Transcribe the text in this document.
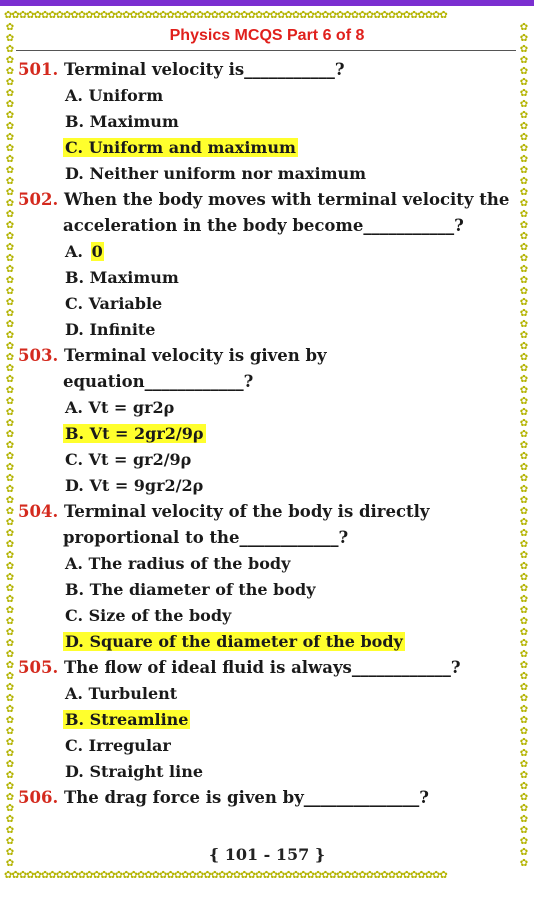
✿✿✿✿✿✿✿✿✿✿✿✿✿✿✿✿✿✿✿✿✿✿✿✿✿✿✿✿✿✿✿✿✿✿✿✿✿✿✿✿✿✿✿✿✿✿✿✿✿✿✿✿✿✿✿✿✿✿✿✿
✿✿✿✿✿✿✿✿✿✿✿✿✿✿✿✿✿✿✿✿✿✿✿✿✿✿✿✿✿✿✿✿✿✿✿✿✿✿✿✿✿✿✿✿✿✿✿✿✿✿✿✿✿✿✿✿✿✿✿✿✿✿✿✿✿✿✿✿✿✿✿✿✿✿✿✿✿
✿✿✿✿✿✿✿✿✿✿✿✿✿✿✿✿✿✿✿✿✿✿✿✿✿✿✿✿✿✿✿✿✿✿✿✿✿✿✿✿✿✿✿✿✿✿✿✿✿✿✿✿✿✿✿✿✿✿✿✿✿✿✿✿✿✿✿✿✿✿✿✿✿✿✿✿✿
✿✿✿✿✿✿✿✿✿✿✿✿✿✿✿✿✿✿✿✿✿✿✿✿✿✿✿✿✿✿✿✿✿✿✿✿✿✿✿✿✿✿✿✿✿✿✿✿✿✿✿✿✿✿✿✿✿✿✿✿
Physics MCQS Part 6 of 8
501. Terminal velocity is___________?
A. Uniform
B. Maximum
C. Uniform and maximum
D. Neither uniform nor maximum
502. When the body moves with terminal velocity the
acceleration in the body become___________?
A. 0
B. Maximum
C. Variable
D. Infinite
503. Terminal velocity is given by
equation____________?
A. Vt = gr2ρ
B. Vt = 2gr2/9ρ
C. Vt = gr2/9ρ
D. Vt = 9gr2/2ρ
504. Terminal velocity of the body is directly
proportional to the____________?
A. The radius of the body
B. The diameter of the body
C. Size of the body
D. Square of the diameter of the body
505. The flow of ideal fluid is always____________?
A. Turbulent
B. Streamline
C. Irregular
D. Straight line
506. The drag force is given by______________?
{ 101 - 157 }
